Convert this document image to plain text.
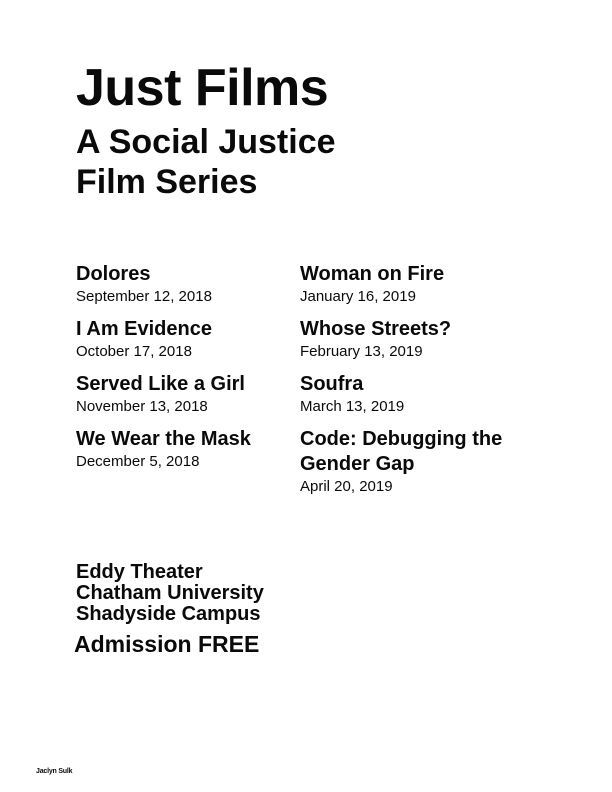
Just Films
A Social Justice
Film Series
Dolores
September 12, 2018
I Am Evidence
October 17, 2018
Served Like a Girl
November 13, 2018
We Wear the Mask
December 5, 2018
Woman on Fire
January 16, 2019
Whose Streets?
February 13, 2019
Soufra
March 13, 2019
Code: Debugging the Gender Gap
April 20, 2019
Eddy Theater
Chatham University
Shadyside Campus
Admission FREE
Jaclyn Sulk
